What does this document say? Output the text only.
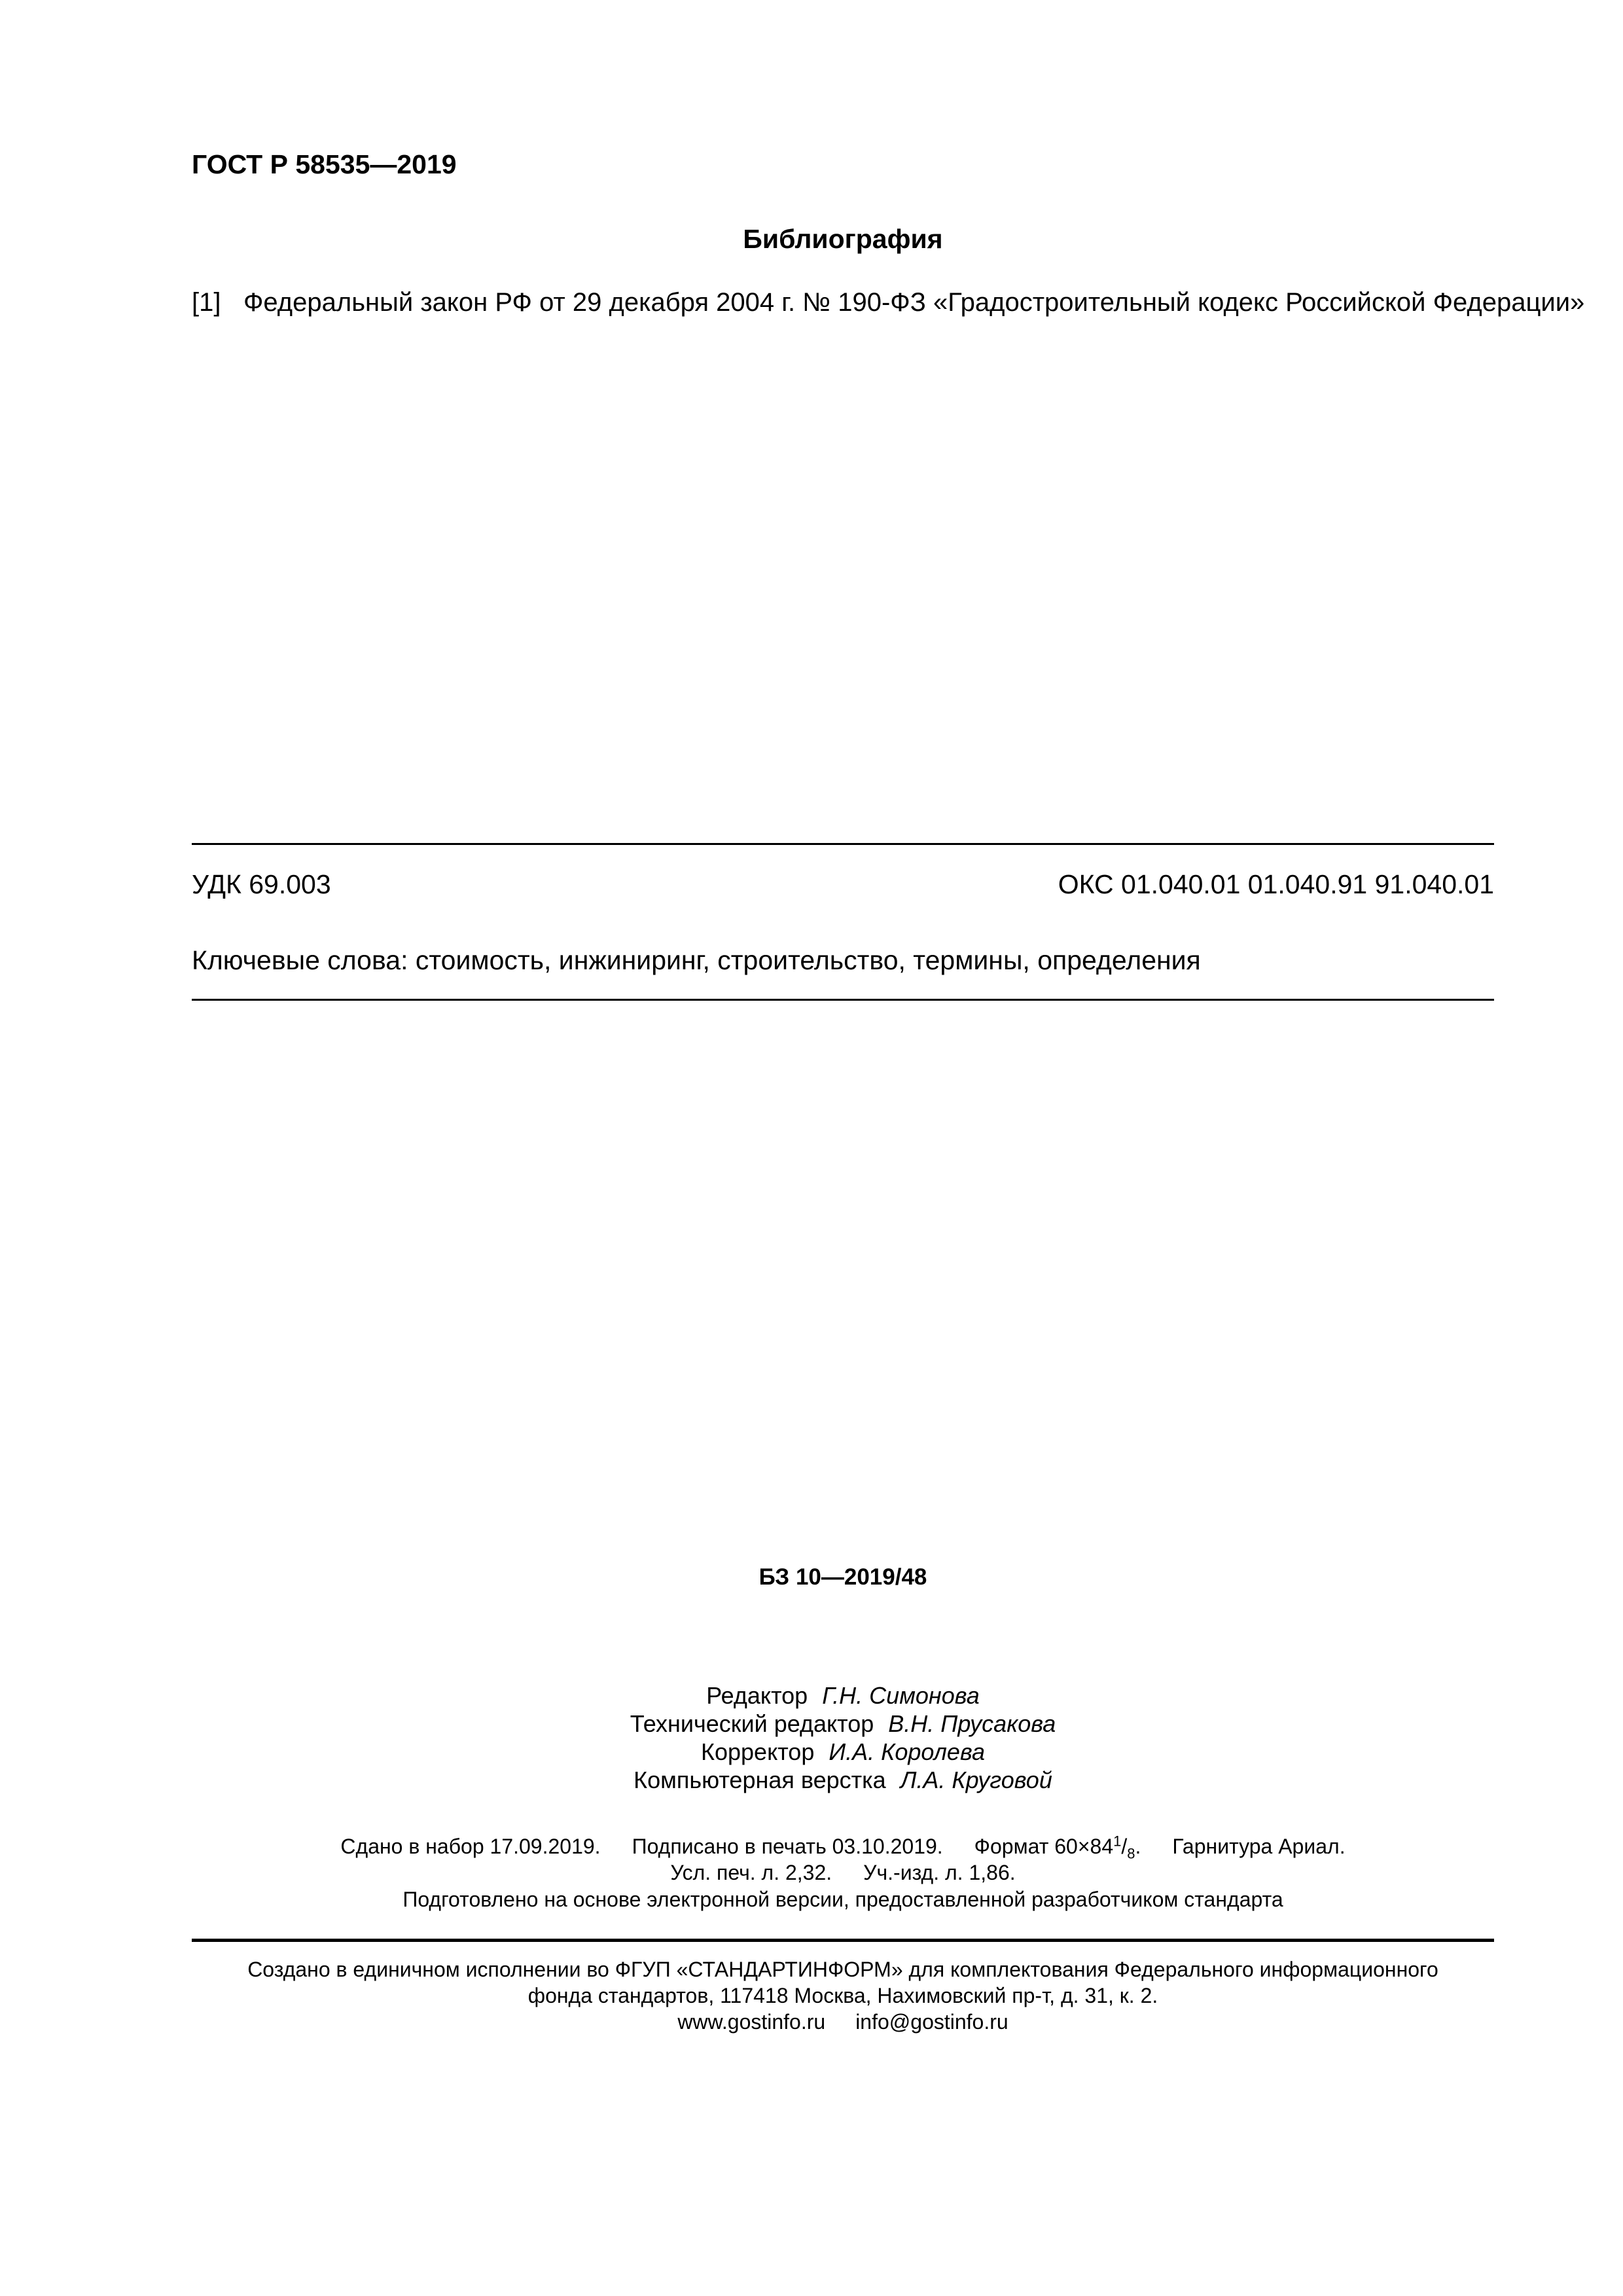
ГОСТ Р 58535—2019
Библиография
[1] Федеральный закон РФ от 29 декабря 2004 г. № 190-ФЗ «Градостроительный кодекс Российской Федерации»
УДК 69.003	ОКС 01.040.01 01.040.91 91.040.01
Ключевые слова: стоимость, инжиниринг, строительство, термины, определения
БЗ 10—2019/48
Редактор Г.Н. Симонова
Технический редактор В.Н. Прусакова
Корректор И.А. Королева
Компьютерная верстка Л.А. Круговой
Сдано в набор 17.09.2019. Подписано в печать 03.10.2019. Формат $60\times 84^1/_8$. Гарнитура Ариал.
Усл. печ. л. 2,32. Уч.-изд. л. 1,86.
Подготовлено на основе электронной версии, предоставленной разработчиком стандарта
Создано в единичном исполнении во ФГУП «СТАНДАРТИНФОРМ» для комплектования Федерального информационного
фонда стандартов, 117418 Москва, Нахимовский пр-т, д. 31, к. 2.
www.gostinfo.ru info@gostinfo.ru
